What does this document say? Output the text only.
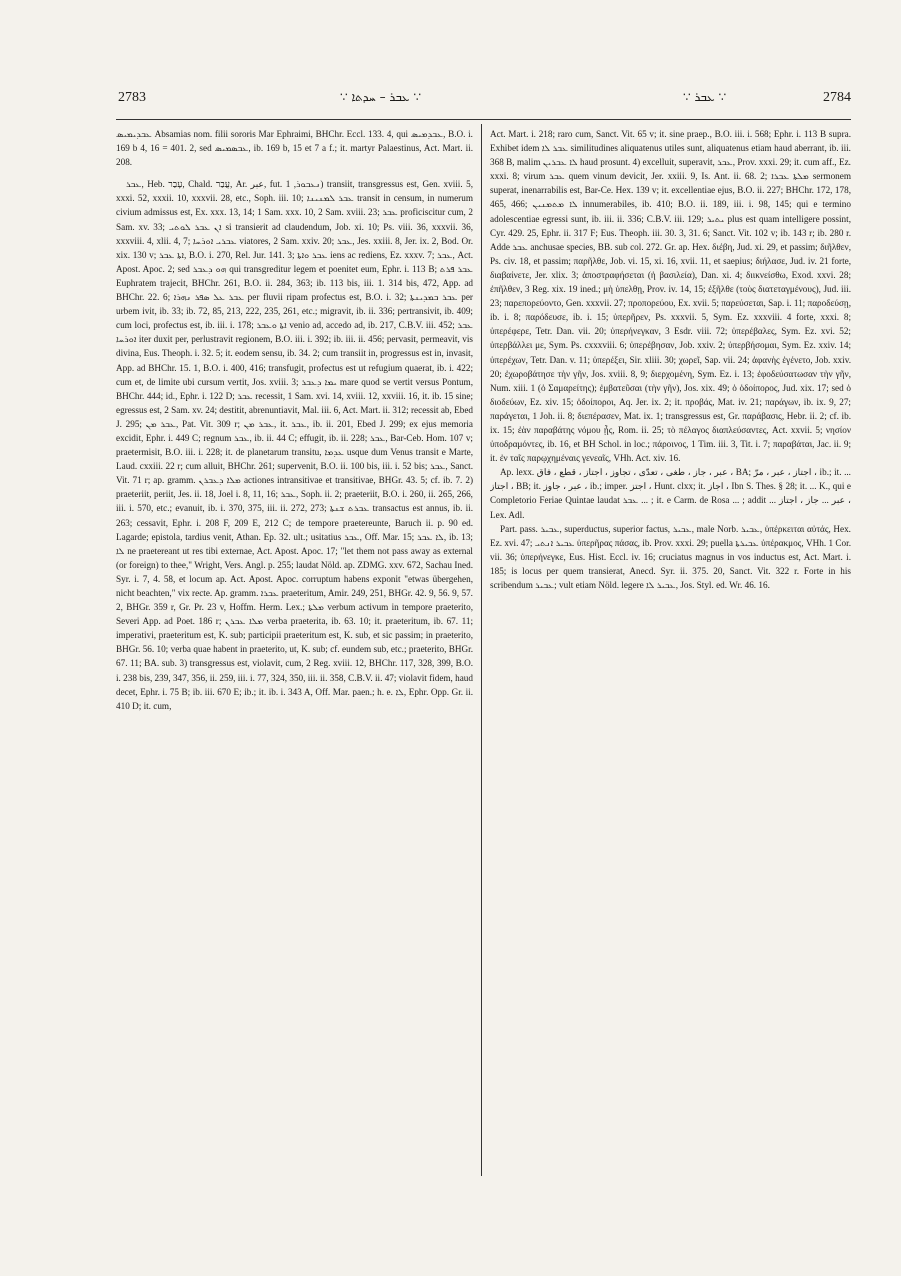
2783	∵ ܥܒܪ – ܚܕܬܐ ∵	∵ ܥܒܪ ∵	2784

ܥܒܕܝܡܝܣ Absamias nom. filii sororis Mar Ephraimi, BHChr. Eccl. 133. 4, qui ܥܒܕܡܝܣ, B.O. i. 169 b 4, 16 = 401. 2, sed ܥܒܣܡܝܣ, ib. 169 b, 15 et 7 a f.; it. martyr Palaestinus, Act. Mart. ii. 208.

ܥܒܪ, Heb. עָבַר, Chald. עֲבַר, Ar. عبر, fut. ܢܥܒܘܪ, 1) transiit, transgressus est, Gen. xviii. 5, xxxi. 52, xxxii. 10, xxxvii. 28, etc., Soph. iii. 10; ܥܒܪ ܠܡܢܝܢܐ transit in censum, in numerum civium admissus est, Ex. xxx. 13, 14; 1 Sam. xxx. 10, 2 Sam. xviii. 23; ܥܒܪ proficiscitur cum, 2 Sam. xv. 33; ܐܢ ܥܒܪ ܠܘܬܝ si transierit ad claudendum, Job. xi. 10; Ps. viii. 36, xxxvii. 36, xxxviii. 4, xlii. 4, 7; ܥܒܪܝ ܐܘܪܚܐ viatores, 2 Sam. xxiv. 20; ܥܒܪ, Jes. xxiii. 8, Jer. ix. 2, Bod. Or. xix. 130 v; ܐܬܐ ܥܒܪ, B.O. i. 270, Rel. Jur. 141. 3; ܥܒܪ ܘܐܬܐ iens ac rediens, Ez. xxxv. 7; ܥܒܪ, Act. Apost. Apoc. 2; sed ܗܘ ܕܥܒܪ qui transgreditur legem et poenitet eum, Ephr. i. 113 B; ܥܒܪ ܦܪܬ Euphratem trajecit, BHChr. 261, B.O. ii. 284, 363; ib. 113 bis, iii. 1. 314 bis, 472, App. ad BHChr. 22. 6; ܥܒܪ ܥܠ ܣܦܪ ܢܗܪܐ per fluvii ripam profectus est, B.O. i. 32; ܥܒܪ ܒܡܕܝܢܬܐ per urbem ivit, ib. 33; ib. 72, 85, 213, 222, 235, 261, etc.; migravit, ib. ii. 336; pertransivit, ib. 409; cum loci, profectus est, ib. iii. i. 178; ܐܬܐ ܘܥܒܪ venio ad, accedo ad, ib. 217, C.B.V. iii. 452; ܥܒܪ ܐܘܪܚܐ iter duxit per, perlustravit regionem, B.O. iii. i. 392; ib. iii. ii. 456; pervasit, permeavit, vis divina, Eus. Theoph. i. 32. 5; it. eodem sensu, ib. 34. 2; cum transiit in, progressus est in, invasit, App. ad BHChr. 15. 1, B.O. i. 400, 416; transfugit, profectus est ut refugium quaerat, ib. i. 422; cum et, de limite ubi cursum vertit, Jos. xviii. 3; ܝܡܐ ܕܥܒܪ mare quod se vertit versus Pontum, BHChr. 444; id., Ephr. i. 122 D; ܥܒܪ recessit, 1 Sam. xvi. 14, xviii. 12, xxviii. 16, it. ib. 15 sine; egressus est, 2 Sam. xv. 24; destitit, abrenuntiavit, Mal. iii. 6, Act. Mart. ii. 312; recessit ab, Ebed J. 295; ܥܒܪ ܡܢ, Pat. Vit. 309 r; ܥܒܪ ܡܢ, it. ܥܒܪ, ib. ii. 201, Ebed J. 299; ex ejus memoria excidit, Ephr. i. 449 C; regnum ܥܒܪ, ib. ii. 44 C; effugit, ib. ii. 228; ܥܒܪ, Bar-Ceb. Hom. 107 v; praetermisit, B.O. iii. i. 228; it. de planetarum transitu, ܥܕܡܐ usque dum Venus transit e Marte, Laud. cxxiii. 22 r; cum alluit, BHChr. 261; supervenit, B.O. ii. 100 bis, iii. i. 52 bis; ܥܒܪ, Sanct. Vit. 71 r; ap. gramm. ܡܠܐ ܕܥܒܪܢ actiones intransitivae et transitivae, BHGr. 43. 5; cf. ib. 7. 2) praeteriit, periit, Jes. ii. 18, Joel i. 8, 11, 16; ܥܒܪ, Soph. ii. 2; praeteriit, B.O. i. 260, ii. 265, 266, iii. i. 570, etc.; evanuit, ib. i. 370, 375, iii. ii. 272, 273; ܥܒܪܬ ܫܢܬܐ transactus est annus, ib. ii. 263; cessavit, Ephr. i. 208 F, 209 E, 212 C; de tempore praetereunte, Baruch ii. p. 90 ed. Lagarde; epistola, tardius venit, Athan. Ep. 32. ult.; usitatius ܥܒܪ, Off. Mar. 15; ܠܐ ܥܒܪ, ib. 13; ܠܐ ne praetereant ut res tibi externae, Act. Apost. Apoc. 17; "let them not pass away as external (or foreign) to thee," Wright, Vers. Angl. p. 255; laudat Nöld. ap. ZDMG. xxv. 672, Sachau Ined. Syr. i. 7, 4. 58, et locum ap. Act. Apost. Apoc. corruptum habens exponit "etwas übergehen, nicht beachten," vix recte. Ap. gramm. ܥܒܪܐ praeteritum, Amir. 249, 251, BHGr. 42. 9, 56. 9, 57. 2, BHGr. 359 r, Gr. Pr. 23 v, Hoffm. Herm. Lex.; ܡܠܬܐ verbum activum in tempore praeterito, Severi App. ad Poet. 186 r; ܡܠܐ ܥܒܪܢ verba praeterita, ib. 63. 10; it. praeteritum, ib. 67. 11; imperativi, praeteritum est, K. sub; participii praeteritum est, K. sub, et sic passim; in praeterito, BHGr. 56. 10; verba quae habent in praeterito, ut, K. sub; cf. eundem sub, etc.; praeterito, BHGr. 67. 11; BA. sub. 3) transgressus est, violavit, cum, 2 Reg. xviii. 12, BHChr. 117, 328, 399, B.O. i. 238 bis, 239, 347, 356, ii. 259, iii. i. 77, 324, 350, iii. ii. 358, C.B.V. ii. 47; violavit fidem, haud decet, Ephr. i. 75 B; ib. iii. 670 E; ib.; it. ib. i. 343 A, Off. Mar. paen.; h. e. ܠܐ, Ephr. Opp. Gr. ii. 410 D; it. cum,

Act. Mart. i. 218; raro cum, Sanct. Vit. 65 v; it. sine praep., B.O. iii. i. 568; Ephr. i. 113 B supra. Exhibet idem ܥܒܪ ܠܐ similitudines aliquatenus utiles sunt, aliquatenus etiam haud aberrant, ib. iii. 368 B, malim ܠܐ ܥܒܪܝܢ haud prosunt. 4) excelluit, superavit, ܥܒܪ, Prov. xxxi. 29; it. cum aff., Ez. xxxi. 8; virum ܥܒܪ quem vinum devicit, Jer. xxiii. 9, Is. Ant. ii. 68. 2; ܡܠܬܐ ܥܒܪܐ sermonem superat, inenarrabilis est, Bar-Ce. Hex. 139 v; it. excellentiae ejus, B.O. ii. 227; BHChr. 172, 178, 465, 466; ܠܐ ܡܬܡܢܝܢ innumerabiles, ib. 410; B.O. ii. 189, iii. i. 98, 145; qui e termino adolescentiae egressi sunt, ib. iii. ii. 336; C.B.V. iii. 129; ܝܬܝܪ plus est quam intelligere possint, Cyr. 429. 25, Ephr. ii. 317 F; Eus. Theoph. iii. 30. 3, 31. 6; Sanct. Vit. 102 v; ib. 143 r; ib. 280 r. Adde ܥܒܪ anchusae species, BB. sub col. 272. Gr. ap. Hex. διέβη, Jud. xi. 29, et passim; διῆλθεν, Ps. civ. 18, et passim; παρῆλθε, Job. vi. 15, xi. 16, xvii. 11, et saepius; διήλασε, Jud. iv. 21 forte, διαβαίνετε, Jer. xlix. 3; ἀποστραφήσεται (ἡ βασιλεία), Dan. xi. 4; διικνείσθω, Exod. xxvi. 28; ἐπῆλθεν, 3 Reg. xix. 19 ined.; μὴ ὑπελθῃ, Prov. iv. 14, 15; ἐξῆλθε (τοὺς διατεταγμένους), Jud. iii. 23; παρεπορεύοντο, Gen. xxxvii. 27; προπορεύου, Ex. xvii. 5; παρεύσεται, Sap. i. 11; παροδεύσῃ, ib. i. 8; παρόδευσε, ib. i. 15; ὑπερῆρεν, Ps. xxxvii. 5, Sym. Ez. xxxviii. 4 forte, xxxi. 8; ὑπερέφερε, Tetr. Dan. vii. 20; ὑπερήνεγκαν, 3 Esdr. viii. 72; ὑπερέβαλες, Sym. Ez. xvi. 52; ὑπερβάλλει με, Sym. Ps. cxxxviii. 6; ὑπερέβησαν, Job. xxiv. 2; ὑπερβήσομαι, Sym. Ez. xxiv. 14; ὑπερέχων, Tetr. Dan. v. 11; ὑπερέξει, Sir. xliii. 30; χωρεῖ, Sap. vii. 24; ἀφανὴς ἐγένετο, Job. xxiv. 20; ἐχωροβάτησε τὴν γῆν, Jos. xviii. 8, 9; διερχομένη, Sym. Ez. i. 13; ἐφοδεύσατωσαν τὴν γῆν, Num. xiii. 1 (ὁ Σαμαρείτης); ἐμβατεῦσαι (τὴν γῆν), Jos. xix. 49; ὁ ὁδοίπορος, Jud. xix. 17; sed ὁ διοδεύων, Ez. xiv. 15; ὁδοίποροι, Aq. Jer. ix. 2; it. προβάς, Mat. iv. 21; παράγων, ib. ix. 9, 27; παράγεται, 1 Joh. ii. 8; διεπέρασεν, Mat. ix. 1; transgressus est, Gr. παράβασις, Hebr. ii. 2; cf. ib. ix. 15; ἐὰν παραβάτης νόμου ᾖς, Rom. ii. 25; τὸ πέλαγος διαπλεύσαντες, Act. xxvii. 5; νησίον ὑποδραμόντες, ib. 16, et BH Schol. in loc.; πάροινος, 1 Tim. iii. 3, Tit. i. 7; παραβάται, Jac. ii. 9; it. ἐν ταῖς παρῳχημέναις γενεαῖς, VHh. Act. xiv. 16.

Ap. lexx. عبر ، جاز ، طغی ، تعدّی ، تجاوز ، اجتاز ، قطع ، فاق ، BA; اجتاز ، عبر ، مرّ ، ib.; it. ... اجتاز ، BB; it. عبر ، جاوز ، ib.; imper. اجتز ، Hunt. clxx; it. اجاز ، Ibn S. Thes. § 28; it. ... K., qui e Completorio Feriae Quintae laudat ܥܒܪ ... ; it. e Carm. de Rosa ... ; addit ... عبر ... جاز ، اجتاز ، Lex. Adl.

Part. pass. ܥܒܝܪ, superductus, superior factus, ܥܒܝܪ, male Norb. ܥܒܝܪ, ὑπέρκειται αὐτάς, Hex. Ez. xvi. 47; ܥܒܝܪ ܐܢܬܝ ὑπερῆρας πάσας, ib. Prov. xxxi. 29; puella ܥܒܝܪܬܐ ὑπέρακμος, VHh. 1 Cor. vii. 36; ὑπερήνεγκε, Eus. Hist. Eccl. iv. 16; cruciatus magnus in vos inductus est, Act. Mart. i. 185; is locus per quem transierat, Anecd. Syr. ii. 375. 20, Sanct. Vit. 322 r. Forte in his scribendum ܥܒܝܪ; vult etiam Nöld. legere ܥܒܝܪ ܠܐ, Jos. Styl. ed. Wr. 46. 16.
